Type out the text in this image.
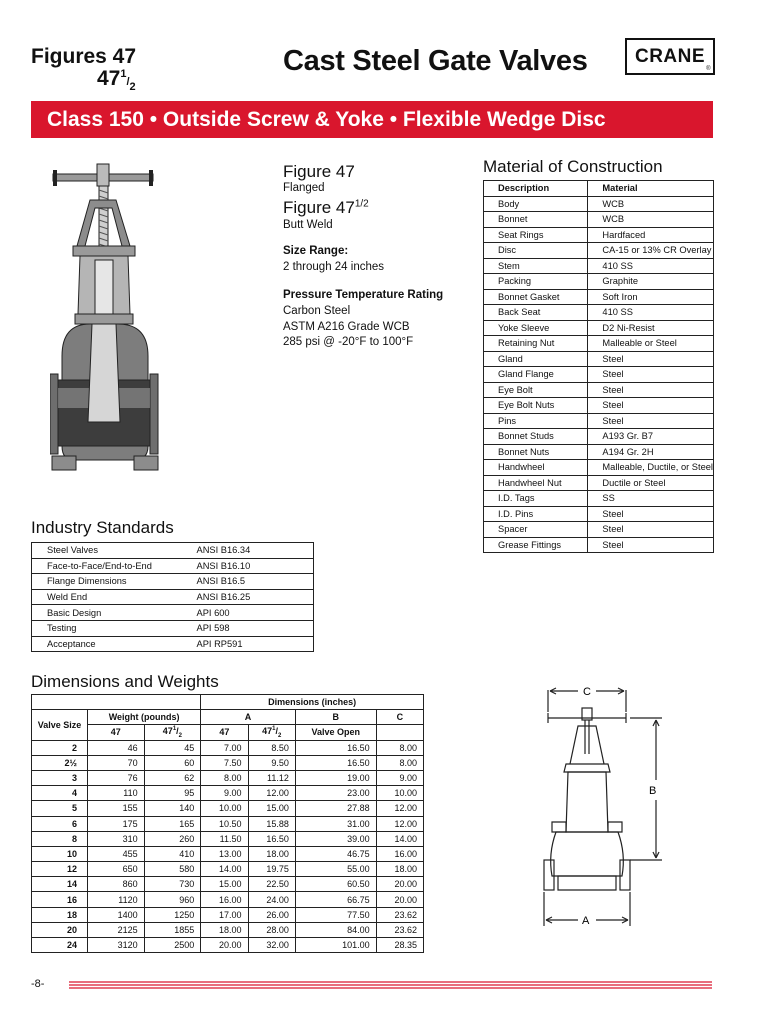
Figures 47
$47^1/_2$
Cast Steel Gate Valves CRANE
®
Class 150 • Outside Screw & Yoke • Flexible Wedge Disc
Figure 47
Flanged
Figure $47^{1/2}$
Butt Weld
Size Range:
2 through 24 inches
Pressure Temperature Rating
Carbon Steel
ASTM A216 Grade WCB
285 psi @ -20°F to 100°F
Material of Construction
Description	Material
Body	WCB
Bonnet	WCB
Seat Rings	Hardfaced
Disc	CA-15 or 13% CR Overlay
Stem	410 SS
Packing	Graphite
Bonnet Gasket	Soft Iron
Back Seat	410 SS
Yoke Sleeve	D2 Ni-Resist
Retaining Nut	Malleable or Steel
Gland	Steel
Gland Flange	Steel
Eye Bolt	Steel
Eye Bolt Nuts	Steel
Pins	Steel
Bonnet Studs	A193 Gr. B7
Bonnet Nuts	A194 Gr. 2H
Handwheel	Malleable, Ductile, or Steel
Handwheel Nut	Ductile or Steel
I.D. Tags	SS
I.D. Pins	Steel
Spacer	Steel
Grease Fittings	Steel
Industry Standards
Steel Valves	ANSI B16.34
Face-to-Face/End-to-End	ANSI B16.10
Flange Dimensions	ANSI B16.5
Weld End	ANSI B16.25
Basic Design	API 600
Testing	API 598
Acceptance	API RP591
Dimensions and Weights
			Dimensions (inches)			
Valve Size	Weight (pounds)		A		B	C
	47	$47^1/_2$	47	$47^1/_2$	Valve Open	
2	46	45	7.00	8.50	16.50	8.00
2½	70	60	7.50	9.50	16.50	8.00
3	76	62	8.00	11.12	19.00	9.00
4	110	95	9.00	12.00	23.00	10.00
5	155	140	10.00	15.00	27.88	12.00
6	175	165	10.50	15.88	31.00	12.00
8	310	260	11.50	16.50	39.00	14.00
10	455	410	13.00	18.00	46.75	16.00
12	650	580	14.00	19.75	55.00	18.00
14	860	730	15.00	22.50	60.50	20.00
16	1120	960	16.00	24.00	66.75	20.00
18	1400	1250	17.00	26.00	77.50	23.62
20	2125	1855	18.00	28.00	84.00	23.62
24	3120	2500	20.00	32.00	101.00	28.35
C
B
A
-8-
